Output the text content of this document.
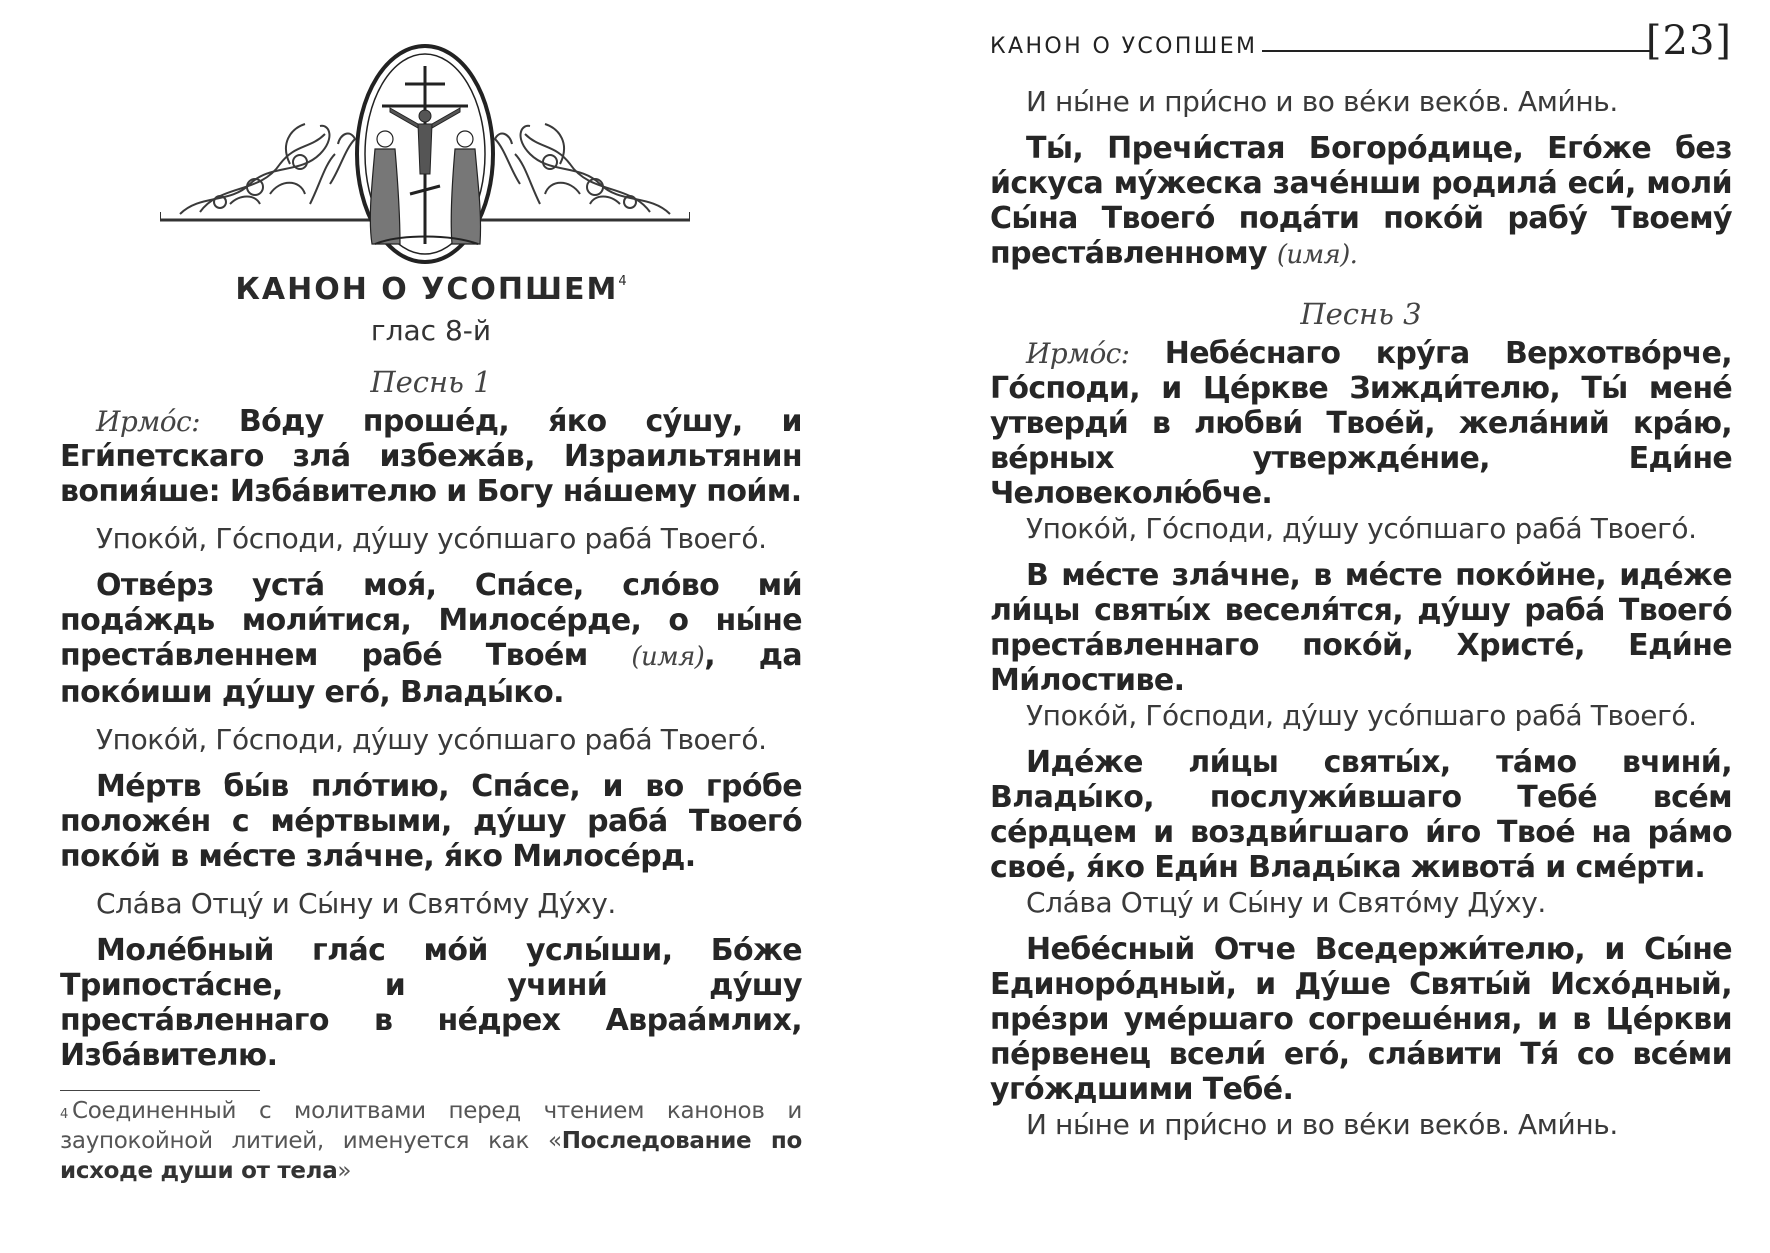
КАНОН О УСОПШЕМ$^4$
глас 8-й

Песнь 1

Ирмо́с: Во́ду проше́д, я́ко су́шу, и Еги́петскаго зла́ избежа́в, Израильтянин вопия́ше: Изба́вителю и Богу на́шему пои́м.

Упоко́й, Го́споди, ду́шу усо́пшаго раба́ Твоего́.

Отве́рз уста́ моя́, Спа́се, сло́во ми́ пода́ждь моли́тися, Милосе́рде, о ны́не преста́вленнем рабе́ Твое́м (имя), да поко́иши ду́шу его́, Влады́ко.

Упоко́й, Го́споди, ду́шу усо́пшаго раба́ Твоего́.

Ме́ртв бы́в пло́тию, Спа́се, и во гро́бе положе́н с ме́ртвыми, ду́шу раба́ Твоего́ поко́й в ме́сте зла́чне, я́ко Милосе́рд.

Сла́ва Отцу́ и Сы́ну и Свято́му Ду́ху.

Моле́бный гла́с мо́й услы́ши, Бо́же Трипоста́сне, и учини́ ду́шу преста́вленнаго в не́дрех Авраа́млих, Изба́вителю.

$^4$ Соединенный с молитвами перед чтением канонов и заупокойной литией, именуется как «Последование по исходе души от тела»
КАНОН О УСОПШЕМ	[23]

И ны́не и при́сно и во ве́ки веко́в. Ами́нь.

Ты́, Пречи́стая Богоро́дице, Его́же без и́скуса му́жеска заче́нши родила́ еси́, моли́ Сы́на Твоего́ пода́ти поко́й рабу́ Твоему́ преста́вленному (имя).

Песнь 3

Ирмо́с: Небе́снаго кру́га Верхотво́рче, Го́споди, и Це́ркве Зижди́телю, Ты́ мене́ утверди́ в любви́ Твое́й, жела́ний кра́ю, ве́рных утвержде́ние, Еди́не Человеколю́бче.

Упоко́й, Го́споди, ду́шу усо́пшаго раба́ Твоего́.

В ме́сте зла́чне, в ме́сте поко́йне, иде́же ли́цы святы́х веселя́тся, ду́шу раба́ Твоего́ преста́вленнаго поко́й, Христе́, Еди́не Ми́лостиве.

Упоко́й, Го́споди, ду́шу усо́пшаго раба́ Твоего́.

Иде́же ли́цы святы́х, та́мо вчини́, Влады́ко, послужи́вшаго Тебе́ все́м се́рдцем и воздви́гшаго и́го Твое́ на ра́мо свое́, я́ко Еди́н Влады́ка живота́ и сме́рти.

Сла́ва Отцу́ и Сы́ну и Свято́му Ду́ху.

Небе́сный Отче Вседержи́телю, и Сы́не Единоро́дный, и Ду́ше Святы́й Исхо́дный, пре́зри уме́ршаго согреше́ния, и в Це́ркви пе́рвенец всели́ его́, сла́вити Тя́ со все́ми уго́ждшими Тебе́.

И ны́не и при́сно и во ве́ки веко́в. Ами́нь.
